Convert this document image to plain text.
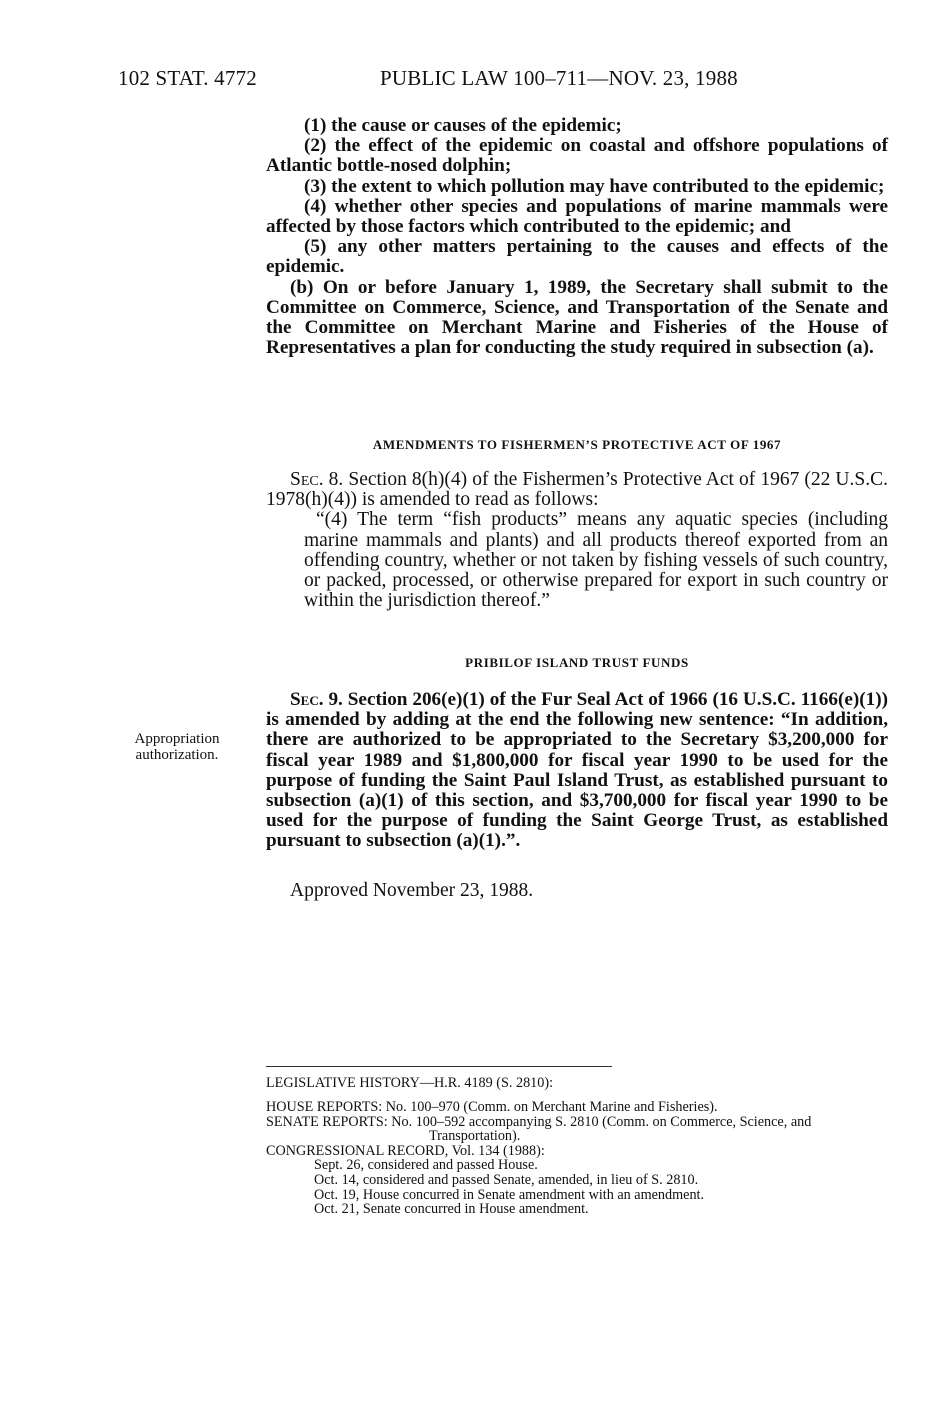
102 STAT. 4772	PUBLIC LAW 100–711—NOV. 23, 1988
(1) the cause or causes of the epidemic;
(2) the effect of the epidemic on coastal and offshore populations of Atlantic bottle-nosed dolphin;
(3) the extent to which pollution may have contributed to the epidemic;
(4) whether other species and populations of marine mammals were affected by those factors which contributed to the epidemic; and
(5) any other matters pertaining to the causes and effects of the epidemic.
(b) On or before January 1, 1989, the Secretary shall submit to the Committee on Commerce, Science, and Transportation of the Senate and the Committee on Merchant Marine and Fisheries of the House of Representatives a plan for conducting the study required in subsection (a).
AMENDMENTS TO FISHERMEN’S PROTECTIVE ACT OF 1967
Sec. 8. Section 8(h)(4) of the Fishermen’s Protective Act of 1967 (22 U.S.C. 1978(h)(4)) is amended to read as follows:
“(4) The term “fish products” means any aquatic species (including marine mammals and plants) and all products thereof exported from an offending country, whether or not taken by fishing vessels of such country, or packed, processed, or otherwise prepared for export in such country or within the jurisdiction thereof.”
PRIBILOF ISLAND TRUST FUNDS
Appropriation authorization.
Sec. 9. Section 206(e)(1) of the Fur Seal Act of 1966 (16 U.S.C. 1166(e)(1)) is amended by adding at the end the following new sentence: “In addition, there are authorized to be appropriated to the Secretary $3,200,000 for fiscal year 1989 and $1,800,000 for fiscal year 1990 to be used for the purpose of funding the Saint Paul Island Trust, as established pursuant to subsection (a)(1) of this section, and $3,700,000 for fiscal year 1990 to be used for the purpose of funding the Saint George Trust, as established pursuant to subsection (a)(1).”.
Approved November 23, 1988.
LEGISLATIVE HISTORY—H.R. 4189 (S. 2810):

HOUSE REPORTS: No. 100–970 (Comm. on Merchant Marine and Fisheries).

SENATE REPORTS: No. 100–592 accompanying S. 2810 (Comm. on Commerce, Science, and Transportation).

CONGRESSIONAL RECORD, Vol. 134 (1988):

Sept. 26, considered and passed House.

Oct. 14, considered and passed Senate, amended, in lieu of S. 2810.

Oct. 19, House concurred in Senate amendment with an amendment.

Oct. 21, Senate concurred in House amendment.
